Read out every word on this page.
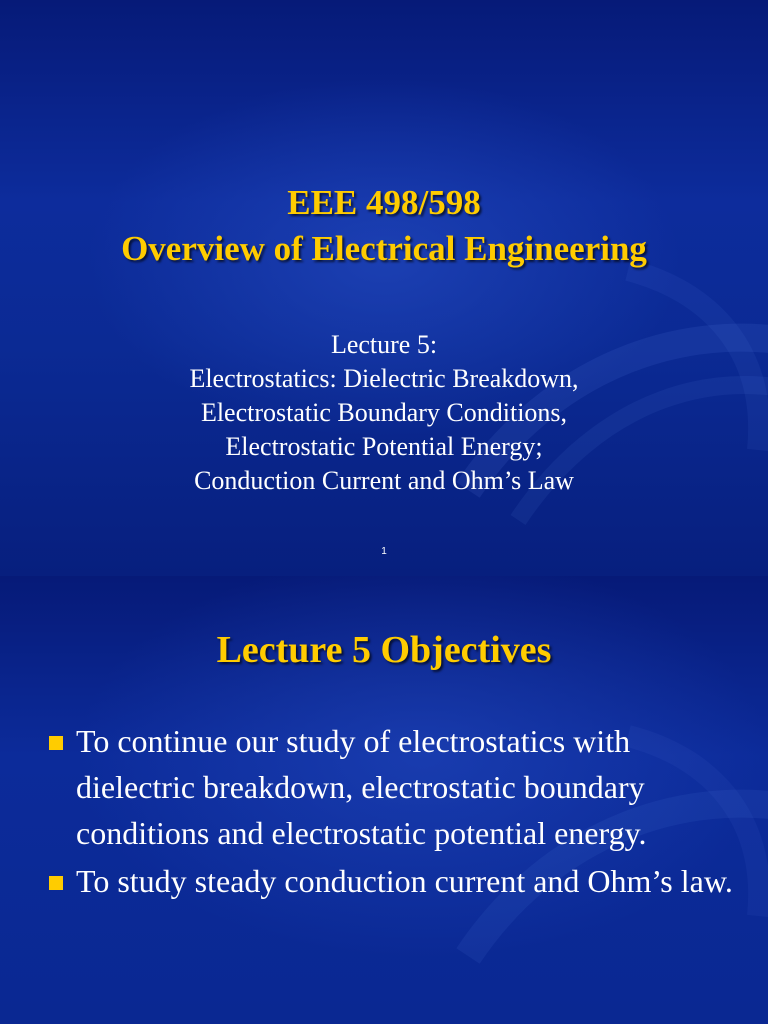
EEE 498/598
Overview of Electrical Engineering
Lecture 5:
Electrostatics: Dielectric Breakdown,
Electrostatic Boundary Conditions,
Electrostatic Potential Energy;
Conduction Current and Ohm’s Law
1
Lecture 5 Objectives
To continue our study of electrostatics with dielectric breakdown, electrostatic boundary conditions and electrostatic potential energy.
To study steady conduction current and Ohm’s law.
